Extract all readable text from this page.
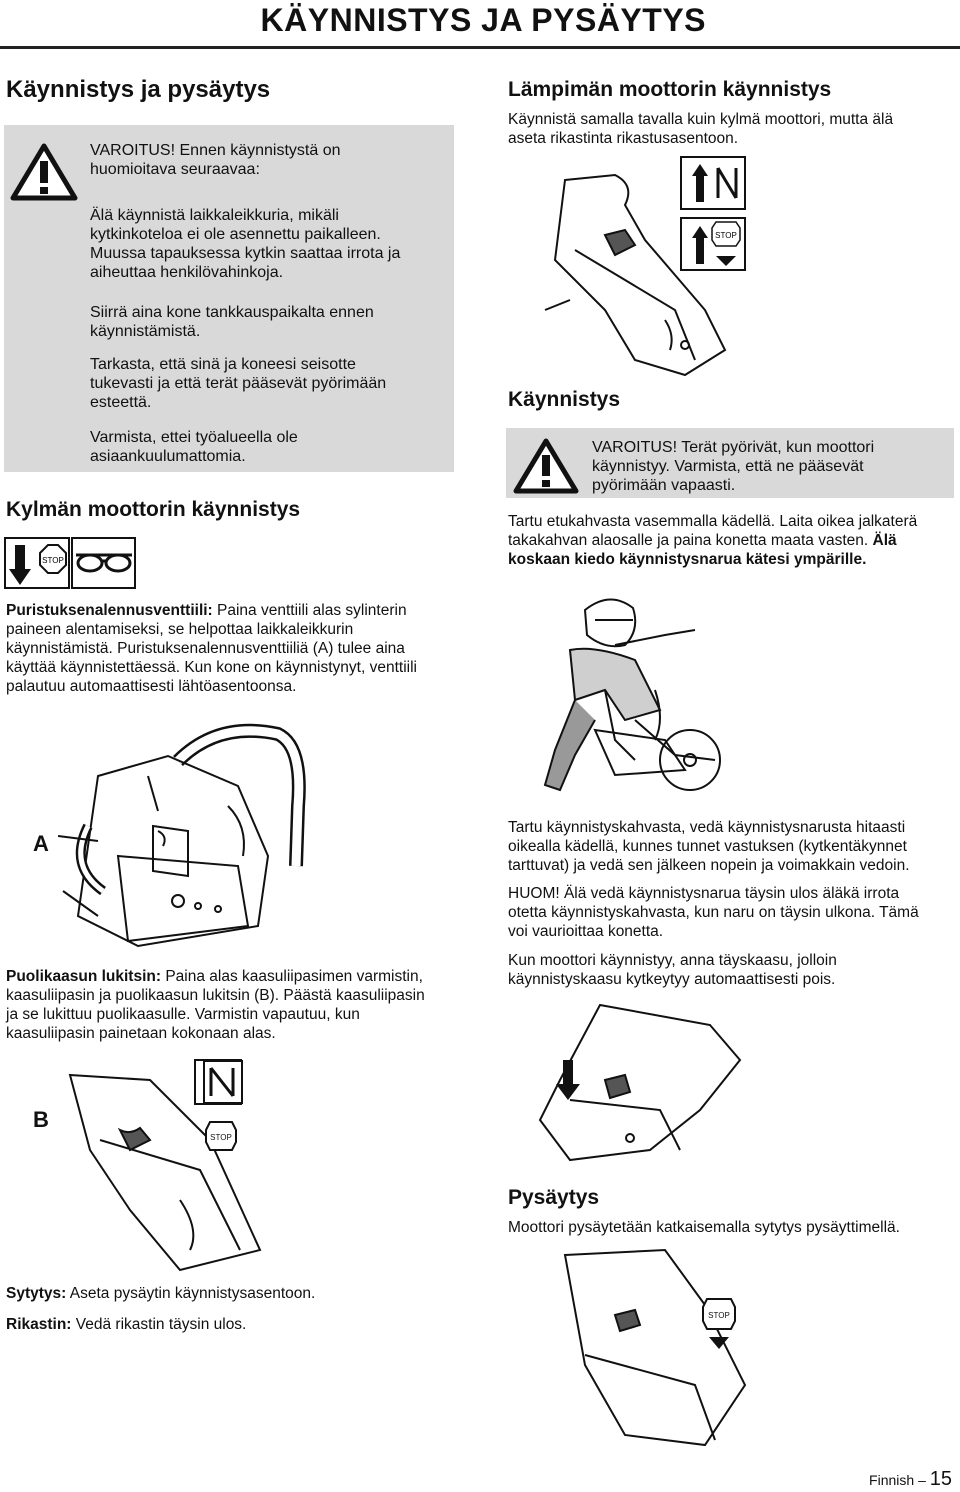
KÄYNNISTYS JA PYSÄYTYS
Käynnistys ja pysäytys
VAROITUS! Ennen käynnistystä on
huomioitava seuraavaa:
Älä käynnistä laikkaleikkuria, mikäli
kytkinkoteloa ei ole asennettu paikalleen.
Muussa tapauksessa kytkin saattaa irrota ja
aiheuttaa henkilövahinkoja.
Siirrä aina kone tankkauspaikalta ennen
käynnistämistä.
Tarkasta, että sinä ja koneesi seisotte
tukevasti ja että terät pääsevät pyörimään
esteettä.
Varmista, ettei työalueella ole
asiaankuulumattomia.
Kylmän moottorin käynnistys
STOP
Puristuksenalennusventtiili: Paina venttiili alas sylinterin
paineen alentamiseksi, se helpottaa laikkaleikkurin
käynnistämistä. Puristuksenalennusventtiiliä (A) tulee aina
käyttää käynnistettäessä. Kun kone on käynnistynyt, venttiili
palautuu automaattisesti lähtöasentoonsa.
A
Puolikaasun lukitsin: Paina alas kaasuliipasimen varmistin,
kaasuliipasin ja puolikaasun lukitsin (B). Päästä kaasuliipasin
ja se lukittuu puolikaasulle. Varmistin vapautuu, kun
kaasuliipasin painetaan kokonaan alas.
B
STOP
Sytytys: Aseta pysäytin käynnistysasentoon.
Rikastin: Vedä rikastin täysin ulos.
Lämpimän moottorin käynnistys
Käynnistä samalla tavalla kuin kylmä moottori, mutta älä
aseta rikastinta rikastusasentoon.
STOP
Käynnistys
VAROITUS! Terät pyörivät, kun moottori
käynnistyy. Varmista, että ne pääsevät
pyörimään vapaasti.
Tartu etukahvasta vasemmalla kädellä. Laita oikea jalkaterä
takakahvan alaosalle ja paina konetta maata vasten. Älä
koskaan kiedo käynnistysnarua kätesi ympärille.
Tartu käynnistyskahvasta, vedä käynnistysnarusta hitaasti
oikealla kädellä, kunnes tunnet vastuksen (kytkentäkynnet
tarttuvat) ja vedä sen jälkeen nopein ja voimakkain vedoin.
HUOM! Älä vedä käynnistysnarua täysin ulos äläkä irrota
otetta käynnistyskahvasta, kun naru on täysin ulkona. Tämä
voi vaurioittaa konetta.
Kun moottori käynnistyy, anna täyskaasu, jolloin
käynnistyskaasu kytkeytyy automaattisesti pois.
Pysäytys
Moottori pysäytetään katkaisemalla sytytys pysäyttimellä.
STOP
Finnish – 15
